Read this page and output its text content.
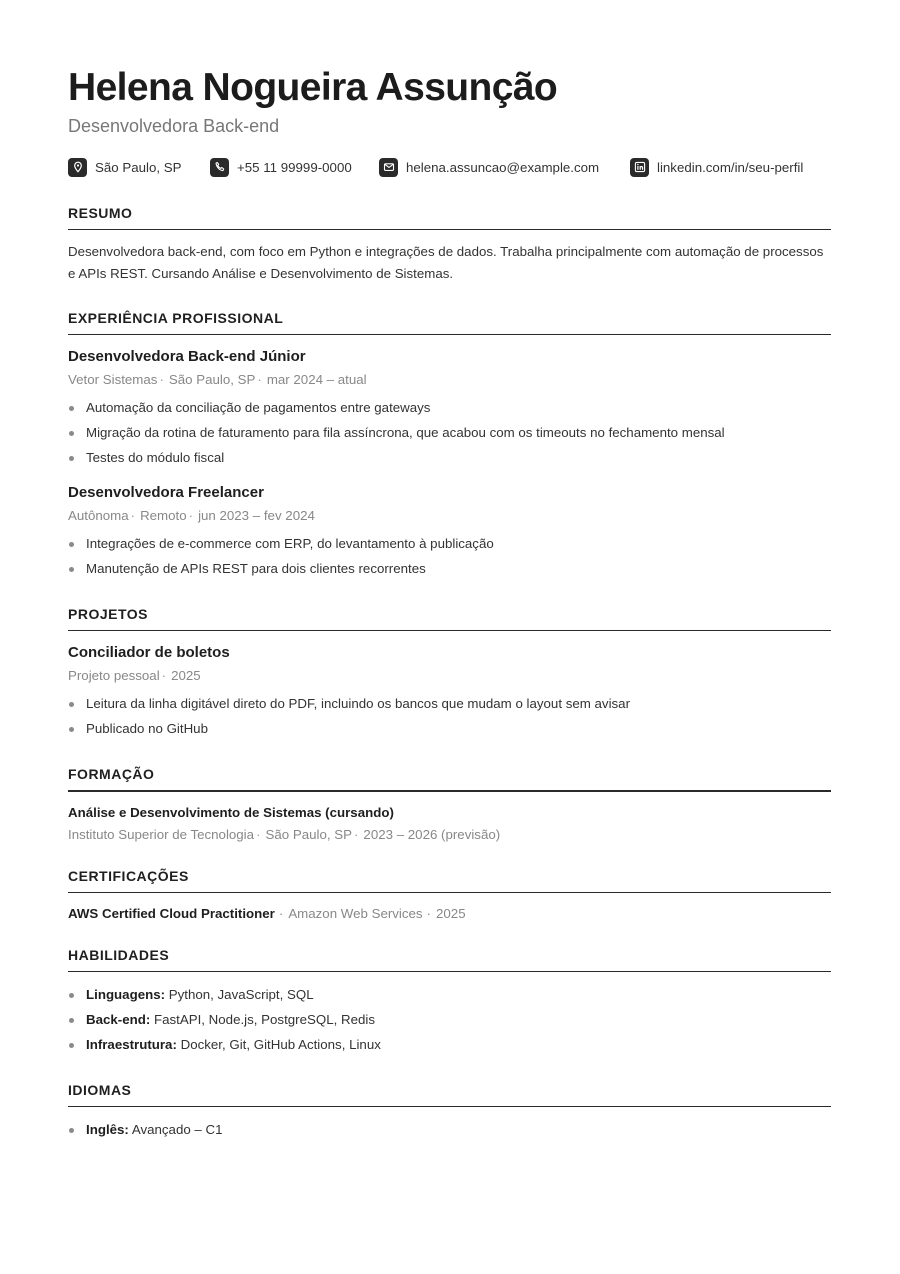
Helena Nogueira Assunção
Desenvolvedora Back-end
São Paulo, SP	+55 11 99999-0000	helena.assuncao@example.com	linkedin.com/in/seu-perfil
RESUMO
Desenvolvedora back-end, com foco em Python e integrações de dados. Trabalha principalmente com automação de processos e APIs REST. Cursando Análise e Desenvolvimento de Sistemas.
EXPERIÊNCIA PROFISSIONAL
Desenvolvedora Back-end Júnior
Vetor Sistemas · São Paulo, SP · mar 2024 – atual
Automação da conciliação de pagamentos entre gateways
Migração da rotina de faturamento para fila assíncrona, que acabou com os timeouts no fechamento mensal
Testes do módulo fiscal
Desenvolvedora Freelancer
Autônoma · Remoto · jun 2023 – fev 2024
Integrações de e-commerce com ERP, do levantamento à publicação
Manutenção de APIs REST para dois clientes recorrentes
PROJETOS
Conciliador de boletos
Projeto pessoal · 2025
Leitura da linha digitável direto do PDF, incluindo os bancos que mudam o layout sem avisar
Publicado no GitHub
FORMAÇÃO
Análise e Desenvolvimento de Sistemas (cursando)
Instituto Superior de Tecnologia · São Paulo, SP · 2023 – 2026 (previsão)
CERTIFICAÇÕES
AWS Certified Cloud Practitioner · Amazon Web Services · 2025
HABILIDADES
Linguagens: Python, JavaScript, SQL
Back-end: FastAPI, Node.js, PostgreSQL, Redis
Infraestrutura: Docker, Git, GitHub Actions, Linux
IDIOMAS
Inglês: Avançado – C1
